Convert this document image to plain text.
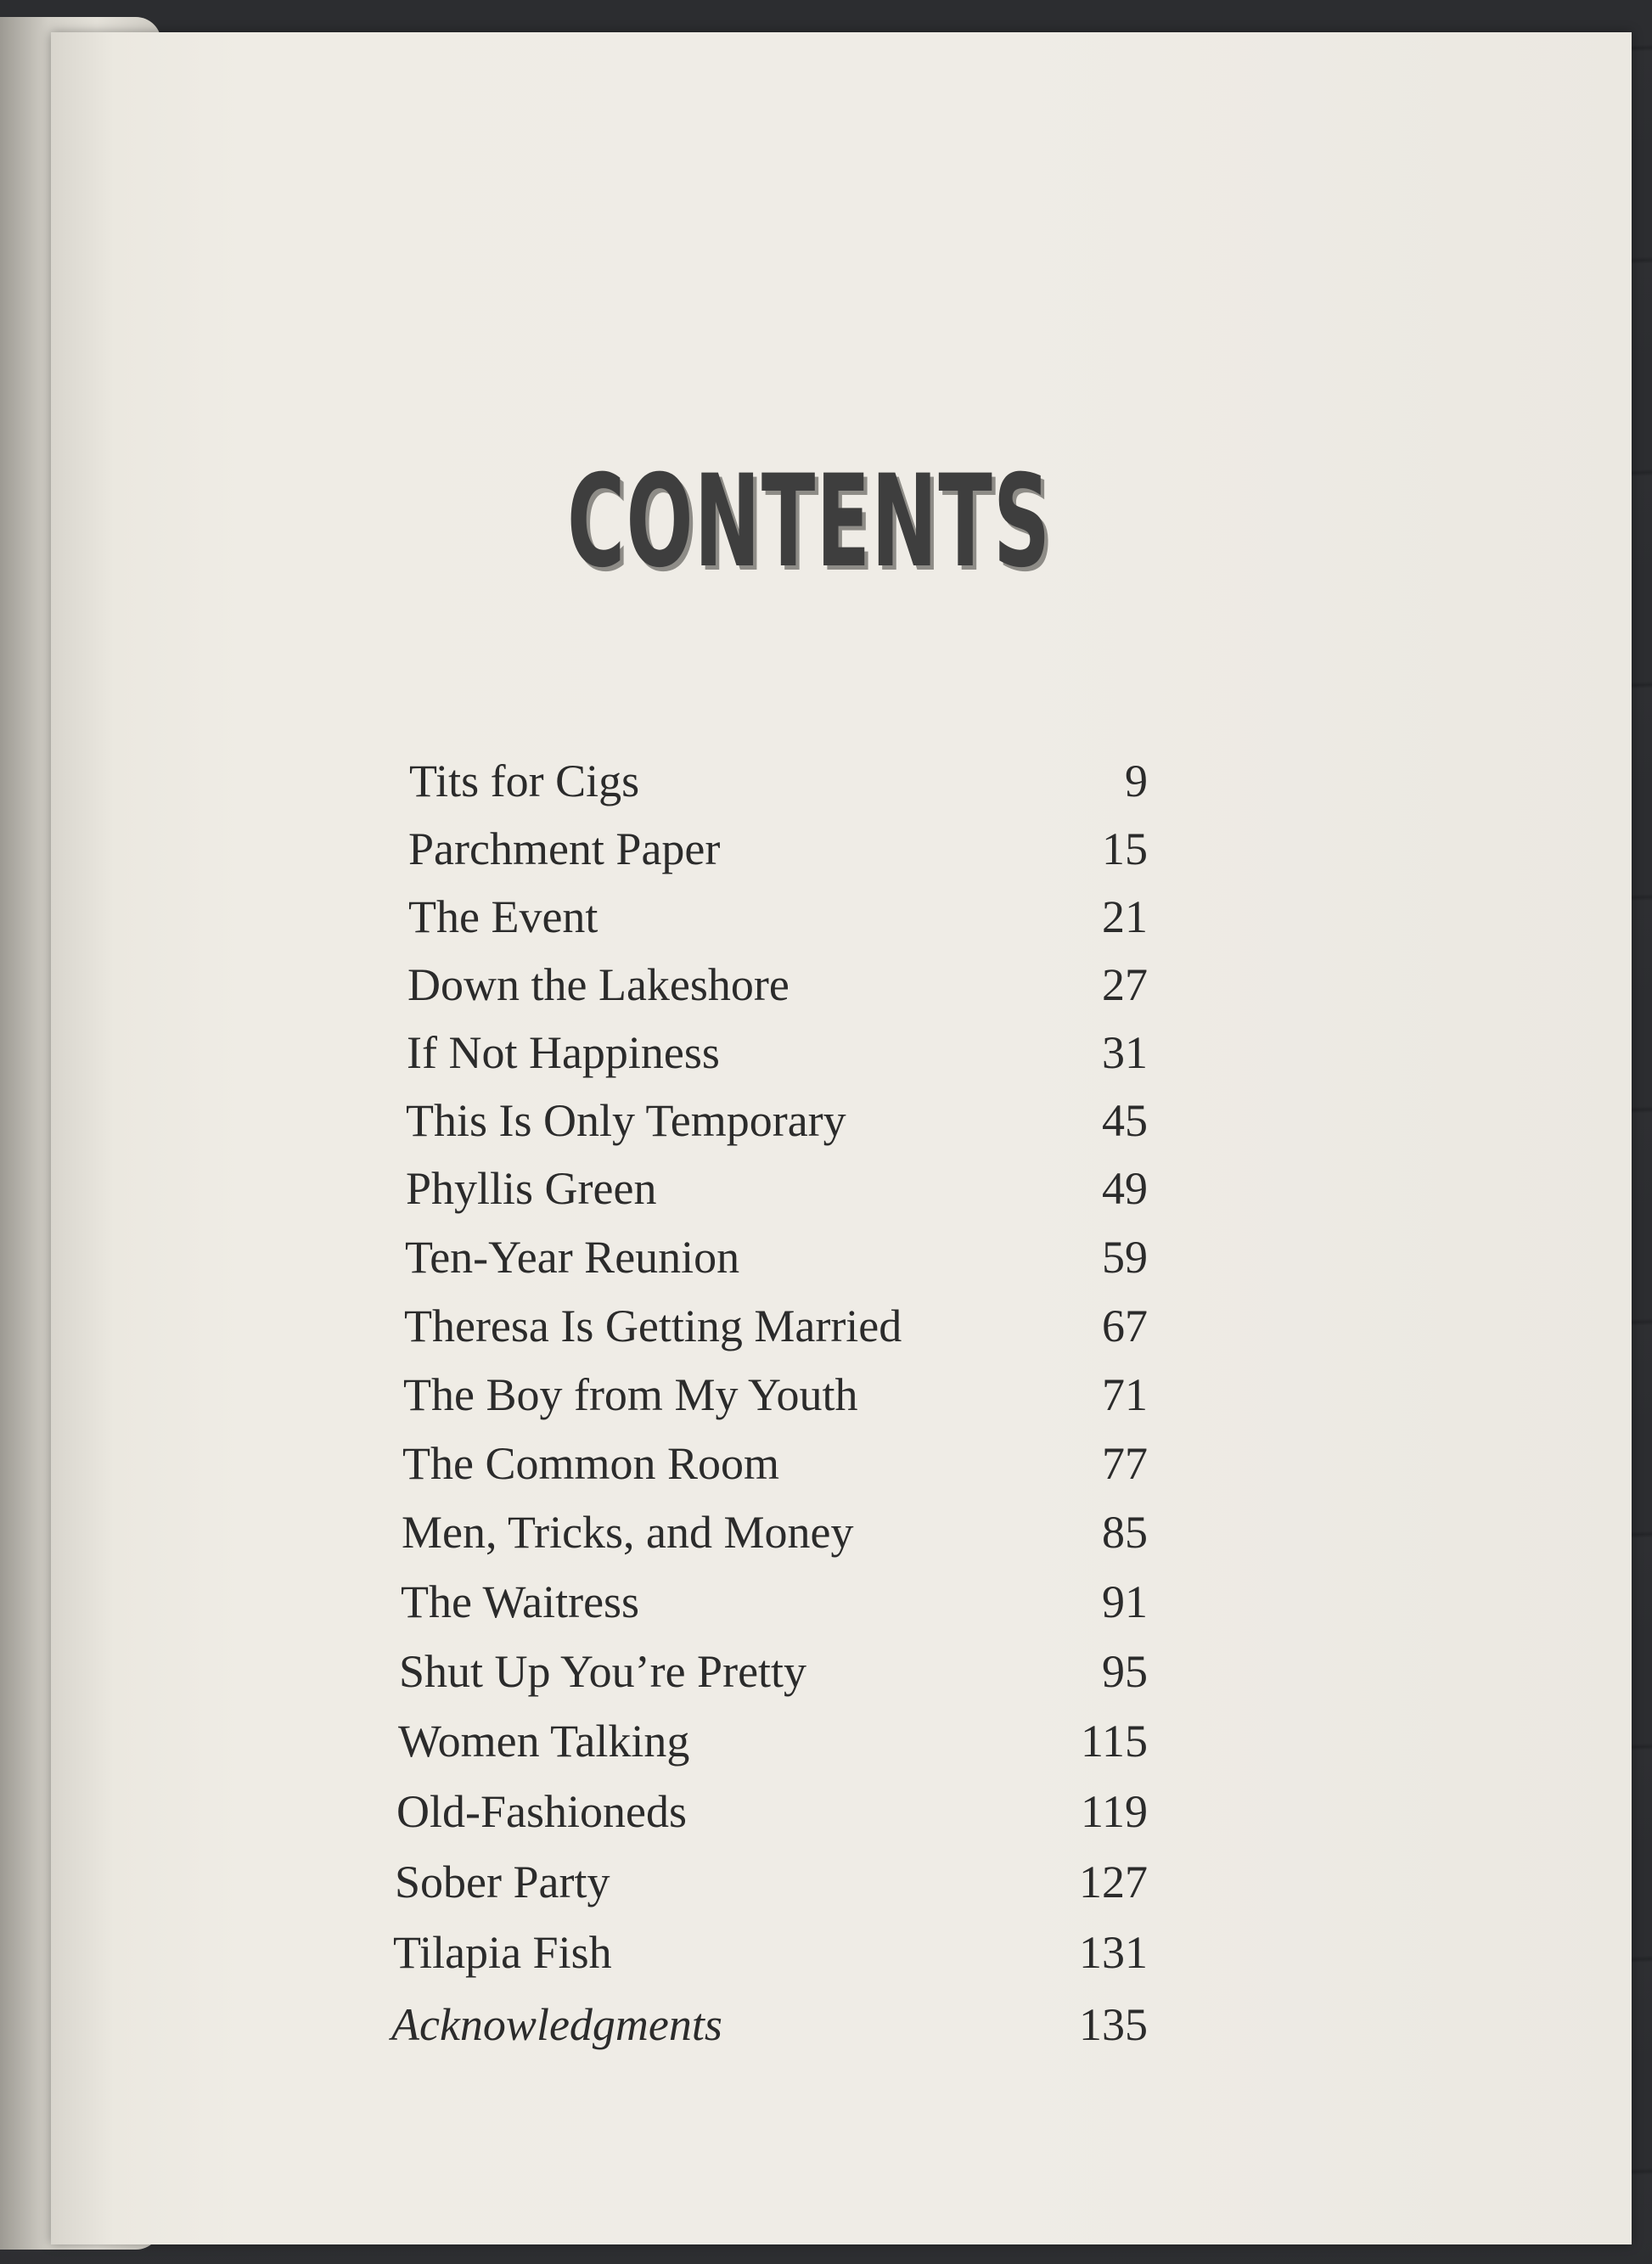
CONTENTS
Tits for Cigs	9
Parchment Paper	15
The Event	21
Down the Lakeshore	27
If Not Happiness	31
This Is Only Temporary	45
Phyllis Green	49
Ten-Year Reunion	59
Theresa Is Getting Married	67
The Boy from My Youth	71
The Common Room	77
Men, Tricks, and Money	85
The Waitress	91
Shut Up You’re Pretty	95
Women Talking	115
Old-Fashioneds	119
Sober Party	127
Tilapia Fish	131
Acknowledgments	135
